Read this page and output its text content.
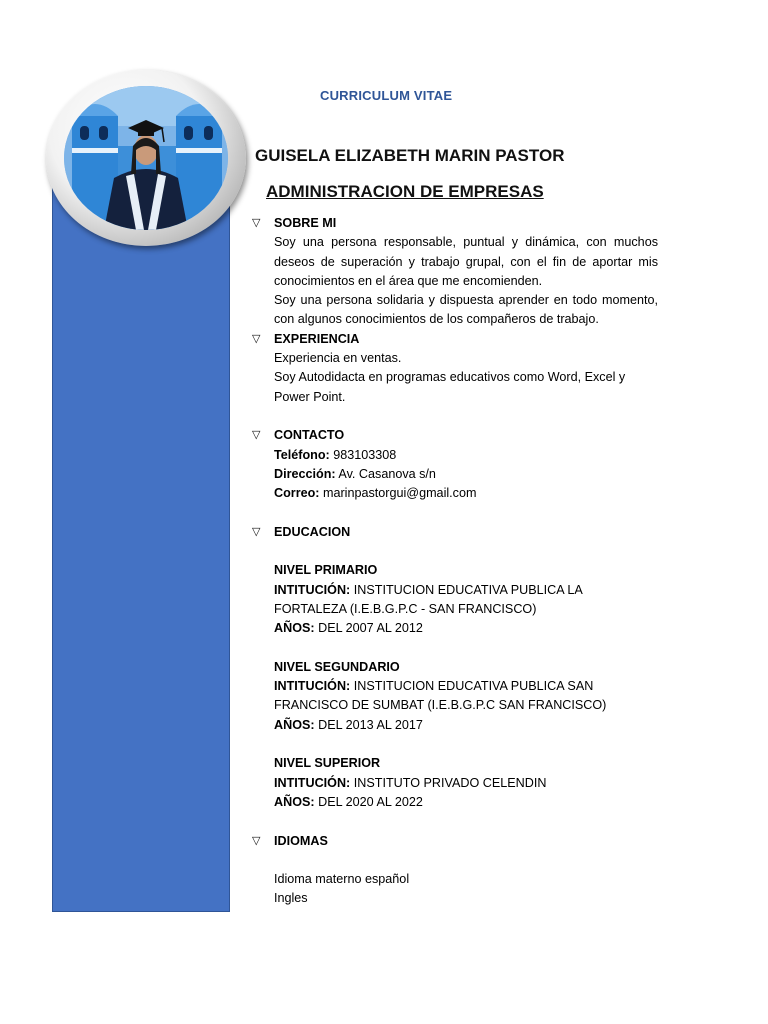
CURRICULUM VITAE
GUISELA ELIZABETH MARIN PASTOR
ADMINISTRACION DE EMPRESAS
▽ SOBRE MI
Soy una persona responsable, puntual y dinámica, con muchos deseos de superación y trabajo grupal, con el fin de aportar mis conocimientos en el área que me encomienden.
Soy una persona solidaria y dispuesta aprender en todo momento, con algunos conocimientos de los compañeros de trabajo.
▽ EXPERIENCIA
Experiencia en ventas.
Soy Autodidacta en programas educativos como Word, Excel y Power Point.
▽ CONTACTO
Teléfono: 983103308
Dirección: Av. Casanova s/n
Correo: marinpastorgui@gmail.com
▽ EDUCACION
NIVEL PRIMARIO
INTITUCIÓN: INSTITUCION EDUCATIVA PUBLICA LA
FORTALEZA (I.E.B.G.P.C - SAN FRANCISCO)
AÑOS: DEL 2007 AL 2012
NIVEL SEGUNDARIO
INTITUCIÓN: INSTITUCION EDUCATIVA PUBLICA SAN
FRANCISCO DE SUMBAT (I.E.B.G.P.C SAN FRANCISCO)
AÑOS: DEL 2013 AL 2017
NIVEL SUPERIOR
INTITUCIÓN: INSTITUTO PRIVADO CELENDIN
AÑOS: DEL 2020 AL 2022
▽ IDIOMAS
Idioma materno español
Ingles
